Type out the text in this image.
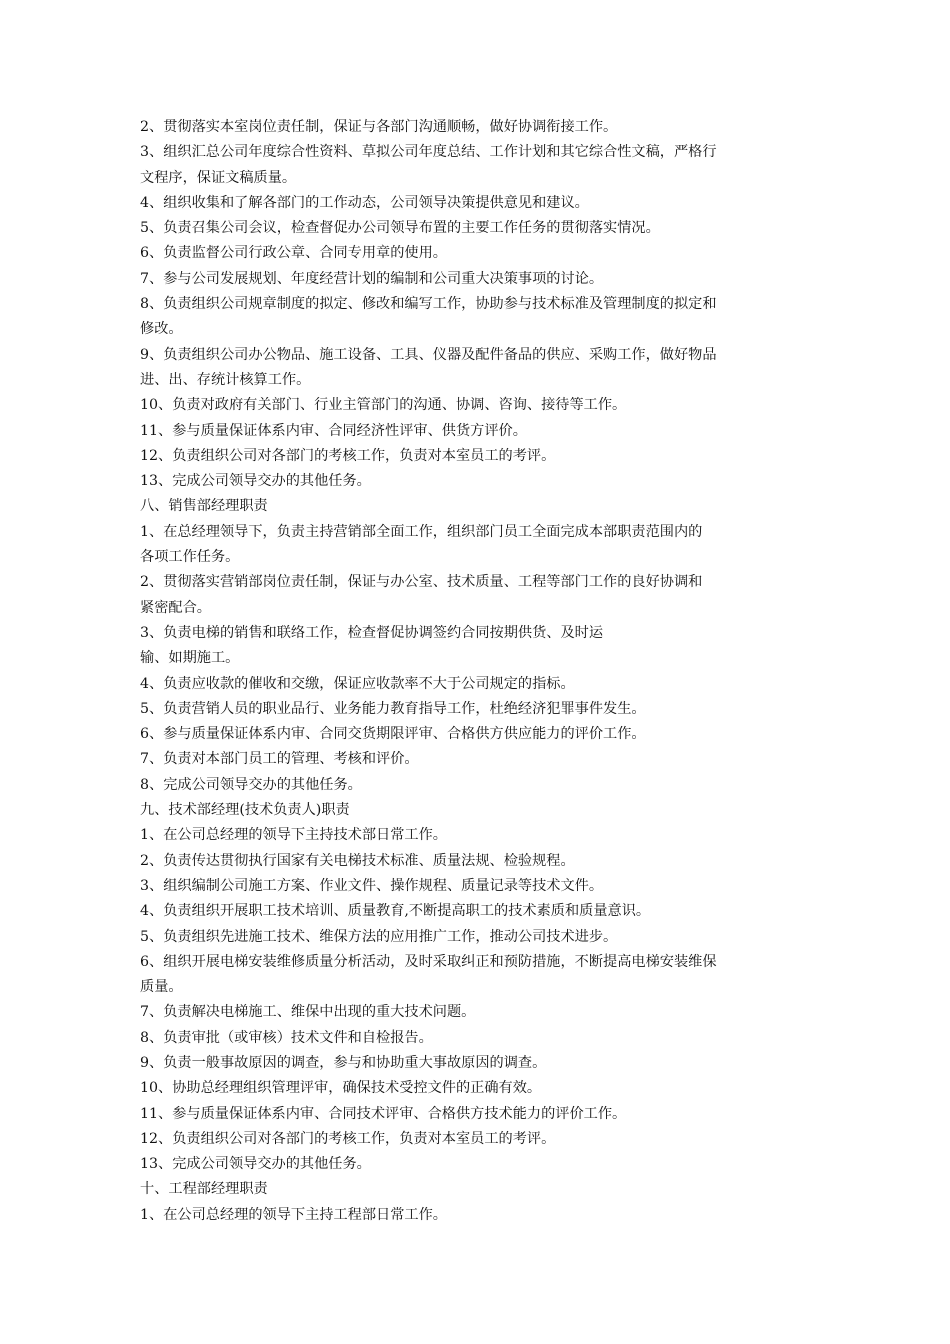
2、贯彻落实本室岗位责任制，保证与各部门沟通顺畅，做好协调衔接工作。

3、组织汇总公司年度综合性资料、草拟公司年度总结、工作计划和其它综合性文稿，严格行

文程序，保证文稿质量。

4、组织收集和了解各部门的工作动态，公司领导决策提供意见和建议。

5、负责召集公司会议，检查督促办公司领导布置的主要工作任务的贯彻落实情况。

6、负责监督公司行政公章、合同专用章的使用。

7、参与公司发展规划、年度经营计划的编制和公司重大决策事项的讨论。

8、负责组织公司规章制度的拟定、修改和编写工作，协助参与技术标准及管理制度的拟定和

修改。

9、负责组织公司办公物品、施工设备、工具、仪器及配件备品的供应、采购工作，做好物品

进、出、存统计核算工作。

10、负责对政府有关部门、行业主管部门的沟通、协调、咨询、接待等工作。

11、参与质量保证体系内审、合同经济性评审、供货方评价。

12、负责组织公司对各部门的考核工作，负责对本室员工的考评。

13、完成公司领导交办的其他任务。

八、销售部经理职责

1、在总经理领导下，负责主持营销部全面工作，组织部门员工全面完成本部职责范围内的

各项工作任务。

2、贯彻落实营销部岗位责任制，保证与办公室、技术质量、工程等部门工作的良好协调和

紧密配合。

3、负责电梯的销售和联络工作，检查督促协调签约合同按期供货、及时运

输、如期施工。

4、负责应收款的催收和交缴，保证应收款率不大于公司规定的指标。

5、负责营销人员的职业品行、业务能力教育指导工作，杜绝经济犯罪事件发生。

6、参与质量保证体系内审、合同交货期限评审、合格供方供应能力的评价工作。

7、负责对本部门员工的管理、考核和评价。

8、完成公司领导交办的其他任务。

九、技术部经理(技术负责人)职责

1、在公司总经理的领导下主持技术部日常工作。

2、负责传达贯彻执行国家有关电梯技术标准、质量法规、检验规程。

3、组织编制公司施工方案、作业文件、操作规程、质量记录等技术文件。

4、负责组织开展职工技术培训、质量教育,不断提高职工的技术素质和质量意识。

5、负责组织先进施工技术、维保方法的应用推广工作，推动公司技术进步。

6、组织开展电梯安装维修质量分析活动，及时采取纠正和预防措施，不断提高电梯安装维保

质量。

7、负责解决电梯施工、维保中出现的重大技术问题。

8、负责审批（或审核）技术文件和自检报告。

9、负责一般事故原因的调查，参与和协助重大事故原因的调查。

10、协助总经理组织管理评审，确保技术受控文件的正确有效。

11、参与质量保证体系内审、合同技术评审、合格供方技术能力的评价工作。

12、负责组织公司对各部门的考核工作，负责对本室员工的考评。

13、完成公司领导交办的其他任务。

十、工程部经理职责

1、在公司总经理的领导下主持工程部日常工作。
